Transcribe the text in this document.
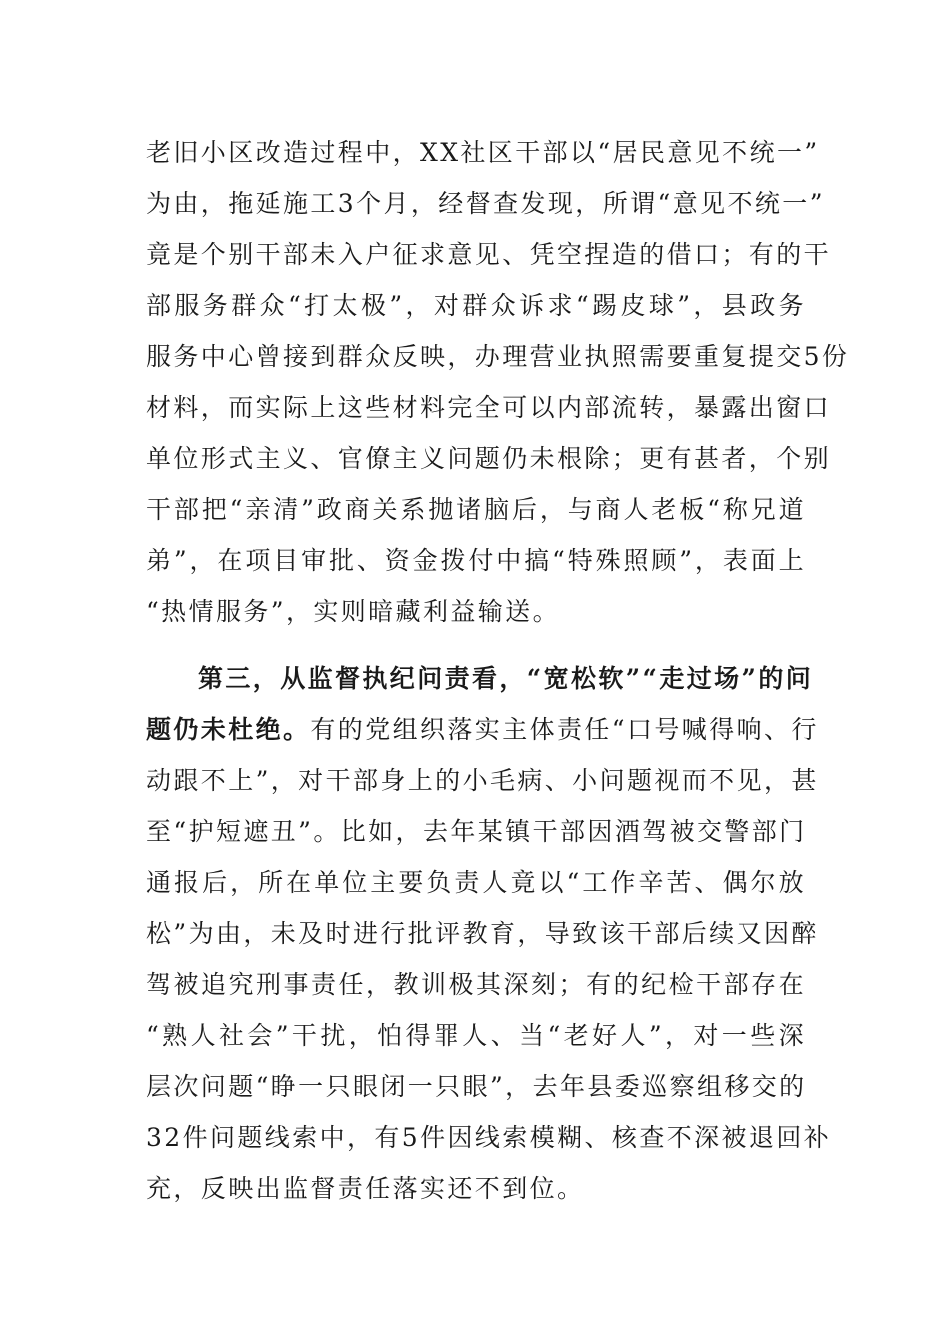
老旧小区改造过程中，XX社区干部以“居民意见不统一”
为由，拖延施工3个月，经督查发现，所谓“意见不统一”
竟是个别干部未入户征求意见、凭空捏造的借口；有的干
部服务群众“打太极”，对群众诉求“踢皮球”，县政务
服务中心曾接到群众反映，办理营业执照需要重复提交5份
材料，而实际上这些材料完全可以内部流转，暴露出窗口
单位形式主义、官僚主义问题仍未根除；更有甚者，个别
干部把“亲清”政商关系抛诸脑后，与商人老板“称兄道
弟”，在项目审批、资金拨付中搞“特殊照顾”，表面上
“热情服务”，实则暗藏利益输送。
第三，从监督执纪问责看，“宽松软”“走过场”的问
题仍未杜绝。有的党组织落实主体责任“口号喊得响、行
动跟不上”，对干部身上的小毛病、小问题视而不见，甚
至“护短遮丑”。比如，去年某镇干部因酒驾被交警部门
通报后，所在单位主要负责人竟以“工作辛苦、偶尔放
松”为由，未及时进行批评教育，导致该干部后续又因醉
驾被追究刑事责任，教训极其深刻；有的纪检干部存在
“熟人社会”干扰，怕得罪人、当“老好人”，对一些深
层次问题“睁一只眼闭一只眼”，去年县委巡察组移交的
32件问题线索中，有5件因线索模糊、核查不深被退回补
充，反映出监督责任落实还不到位。
